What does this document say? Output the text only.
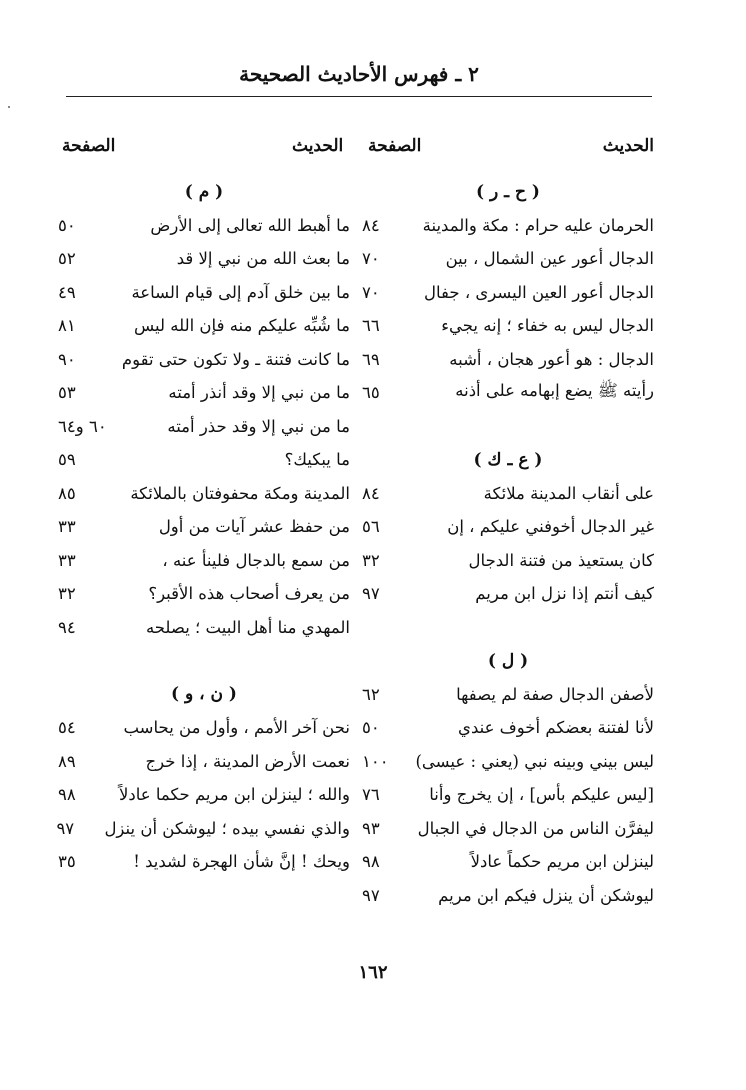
٢ ـ فهرس الأحاديث الصحيحة
الحديث
الصفحة
الحديث
الصفحة
( ح ـ ر )
الحرمان عليه حرام : مكة والمدينة
٨٤
الدجال أعور عين الشمال ، بين
٧٠
الدجال أعور العين اليسرى ، جفال
٧٠
الدجال ليس به خفاء ؛ إنه يجيء
٦٦
الدجال : هو أعور هجان ، أشبه
٦٩
رأيته ﷺ يضع إبهامه على أذنه
٦٥
( ع ـ ك )
على أنقاب المدينة ملائكة
٨٤
غير الدجال أخوفني عليكم ، إن
٥٦
كان يستعيذ من فتنة الدجال
٣٢
كيف أنتم إذا نزل ابن مريم
٩٧
( ل )
لأصفن الدجال صفة لم يصفها
٦٢
لأنا لفتنة بعضكم أخوف عندي
٥٠
ليس بيني وبينه نبي (يعني : عيسى)
١٠٠
[ليس عليكم بأس] ، إن يخرج وأنا
٧٦
ليفرَّن الناس من الدجال في الجبال
٩٣
لينزلن ابن مريم حكماً عادلاً
٩٨
ليوشكن أن ينزل فيكم ابن مريم
٩٧
( م )
ما أهبط الله تعالى إلى الأرض
٥٠
ما بعث الله من نبي إلا قد
٥٢
ما بين خلق آدم إلى قيام الساعة
٤٩
ما شُبِّه عليكم منه فإن الله ليس
٨١
ما كانت فتنة ـ ولا تكون حتى تقوم
٩٠
ما من نبي إلا وقد أنذر أمته
٥٣
ما من نبي إلا وقد حذر أمته
٦٠ و٦٤
ما يبكيك؟
٥٩
المدينة ومكة محفوفتان بالملائكة
٨٥
من حفظ عشر آيات من أول
٣٣
من سمع بالدجال فلينأ عنه ،
٣٣
من يعرف أصحاب هذه الأقبر؟
٣٢
المهدي منا أهل البيت ؛ يصلحه
٩٤
( ن ، و )
نحن آخر الأمم ، وأول من يحاسب
٥٤
نعمت الأرض المدينة ، إذا خرج
٨٩
والله ؛ لينزلن ابن مريم حكما عادلاً
٩٨
والذي نفسي بيده ؛ ليوشكن أن ينزل
٩٧
ويحك ! إنَّ شأن الهجرة لشديد !
٣٥
١٦٢
